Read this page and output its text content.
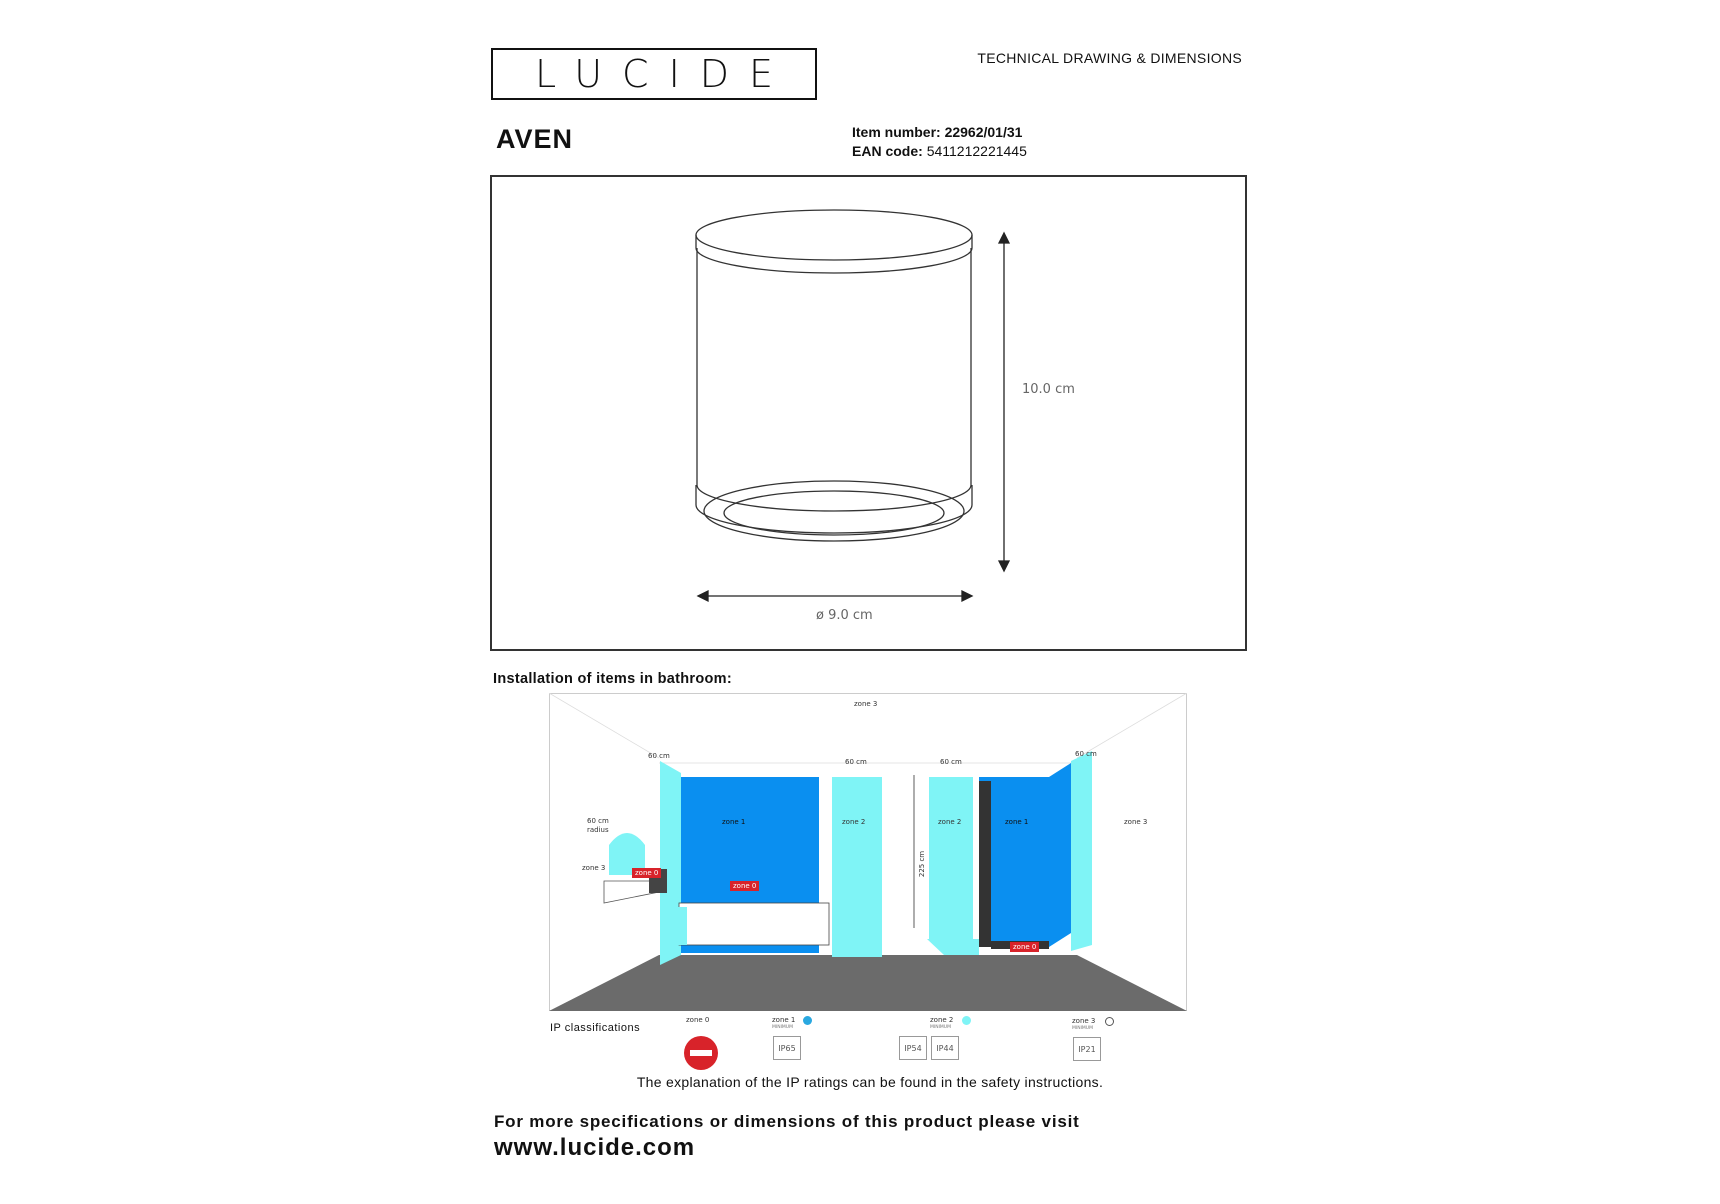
LUCIDE	TECHNICAL DRAWING & DIMENSIONS
AVEN	Item number: 22962/01/31
EAN code: 5411212221445
10.0 cm
ø 9.0 cm
Installation of items in bathroom:
zone 3
60 cm
60 cm	60 cm
60 cm
60 cm
radius
225 cm
zone 1	zone 2	zone 2	zone 1	zone 3
zone 3
zone 0
zone 0
zone 0
IP classifications
zone 0	zone 1
MINIMUM
IP65
zone 2
MINIMUM
IP54	IP44
zone 3
MINIMUM
IP21
The explanation of the IP ratings can be found in the safety instructions.
For more specifications or dimensions of this product please visit
www.lucide.com
